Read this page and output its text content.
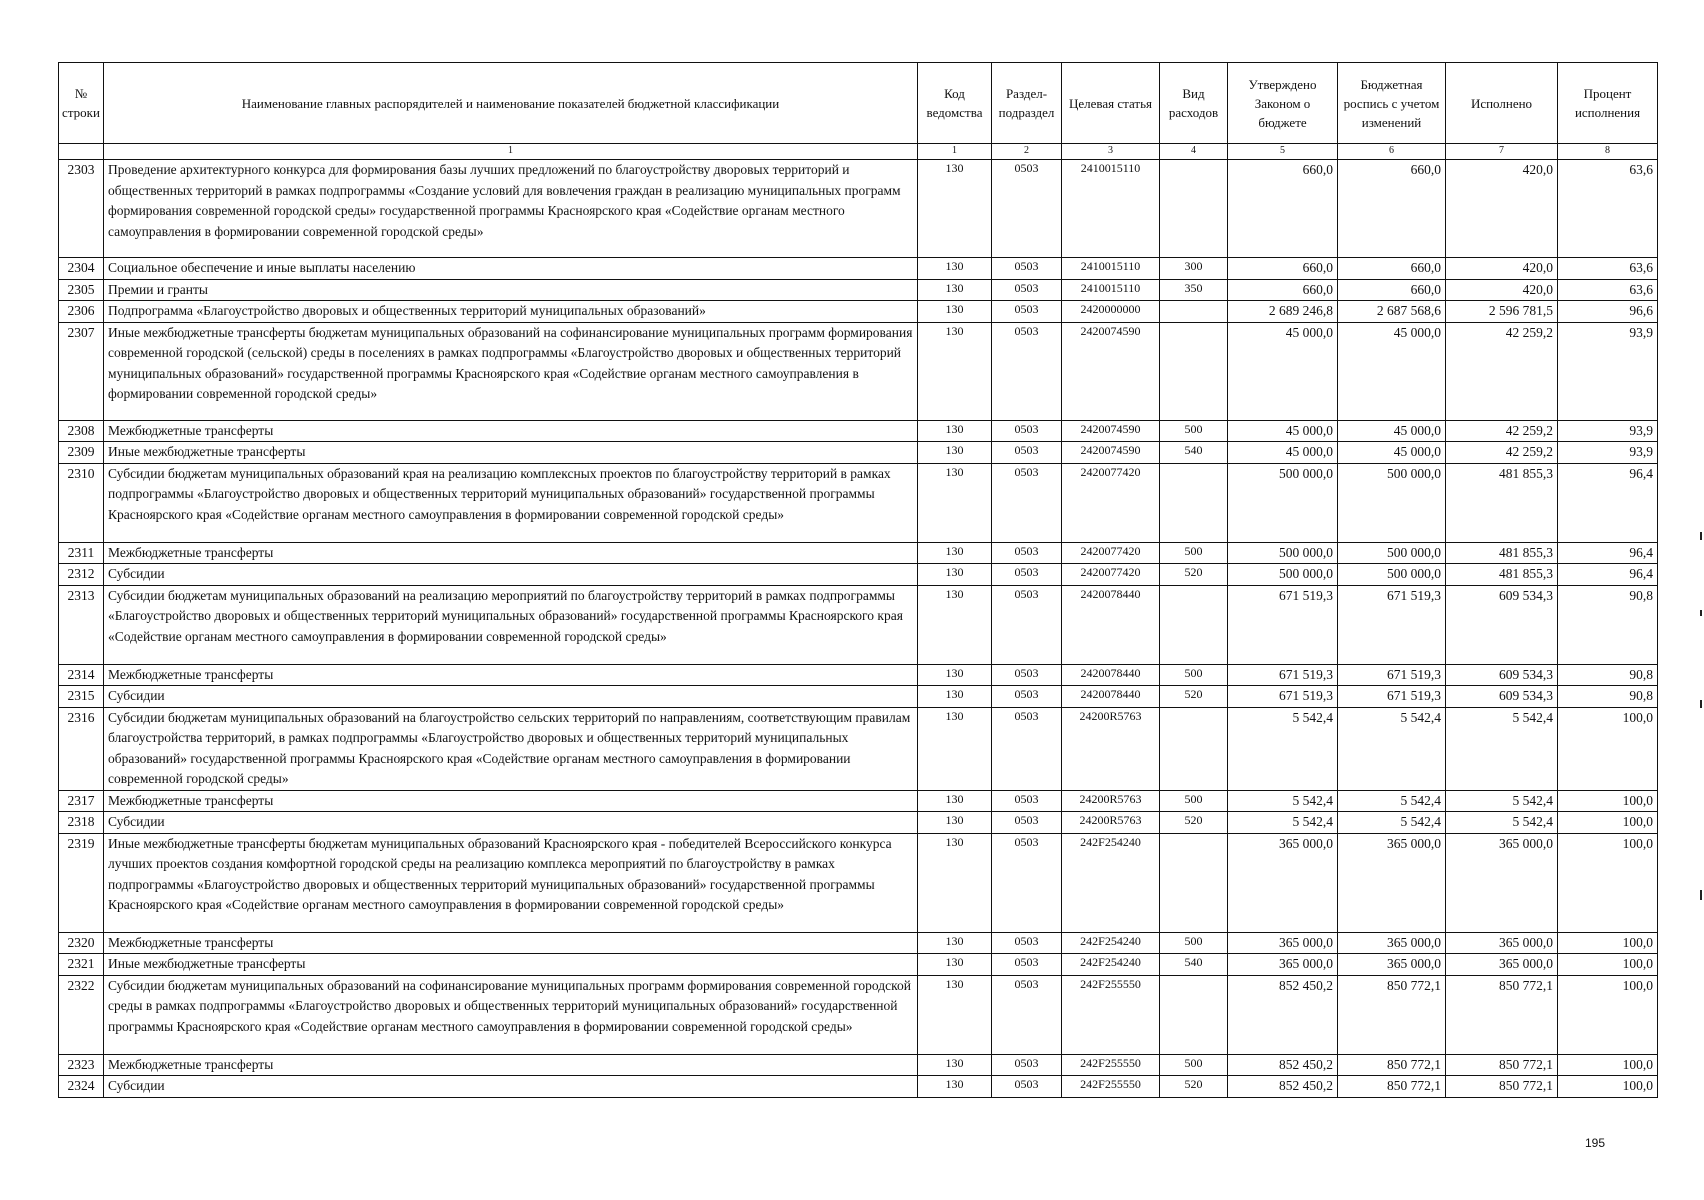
№ строки	Наименование главных распорядителей и наименование показателей бюджетной классификации	Код ведомства	Раздел-подраздел	Целевая статья	Вид расходов	Утверждено Законом о бюджете	Бюджетная роспись с учетом изменений	Исполнено	Процент исполнения
	1	1	2	3	4	5	6	7	8
2303	Проведение архитектурного конкурса для формирования базы лучших предложений по благоустройству дворовых территорий и общественных территорий в рамках подпрограммы «Создание условий для вовлечения граждан в реализацию муниципальных программ формирования современной городской среды» государственной программы Красноярского края «Содействие органам местного самоуправления в формировании современной городской среды»	130	0503	2410015110		660,0	660,0	420,0	63,6
2304	Социальное обеспечение и иные выплаты населению	130	0503	2410015110	300	660,0	660,0	420,0	63,6
2305	Премии и гранты	130	0503	2410015110	350	660,0	660,0	420,0	63,6
2306	Подпрограмма «Благоустройство дворовых и общественных территорий муниципальных образований»	130	0503	2420000000		2 689 246,8	2 687 568,6	2 596 781,5	96,6
2307	Иные межбюджетные трансферты бюджетам муниципальных образований на софинансирование муниципальных программ формирования современной городской (сельской) среды в поселениях в рамках подпрограммы «Благоустройство дворовых и общественных территорий муниципальных образований» государственной программы Красноярского края «Содействие органам местного самоуправления в формировании современной городской среды»	130	0503	2420074590		45 000,0	45 000,0	42 259,2	93,9
2308	Межбюджетные трансферты	130	0503	2420074590	500	45 000,0	45 000,0	42 259,2	93,9
2309	Иные межбюджетные трансферты	130	0503	2420074590	540	45 000,0	45 000,0	42 259,2	93,9
2310	Субсидии бюджетам муниципальных образований края на реализацию комплексных проектов по благоустройству территорий в рамках подпрограммы «Благоустройство дворовых и общественных территорий муниципальных образований» государственной программы Красноярского края «Содействие органам местного самоуправления в формировании современной городской среды»	130	0503	2420077420		500 000,0	500 000,0	481 855,3	96,4
2311	Межбюджетные трансферты	130	0503	2420077420	500	500 000,0	500 000,0	481 855,3	96,4
2312	Субсидии	130	0503	2420077420	520	500 000,0	500 000,0	481 855,3	96,4
2313	Субсидии бюджетам муниципальных образований на реализацию мероприятий по благоустройству территорий в рамках подпрограммы «Благоустройство дворовых и общественных территорий муниципальных образований» государственной программы Красноярского края «Содействие органам местного самоуправления в формировании современной городской среды»	130	0503	2420078440		671 519,3	671 519,3	609 534,3	90,8
2314	Межбюджетные трансферты	130	0503	2420078440	500	671 519,3	671 519,3	609 534,3	90,8
2315	Субсидии	130	0503	2420078440	520	671 519,3	671 519,3	609 534,3	90,8
2316	Субсидии бюджетам муниципальных образований на благоустройство сельских территорий по направлениям, соответствующим правилам благоустройства территорий, в рамках подпрограммы «Благоустройство дворовых и общественных территорий муниципальных образований» государственной программы Красноярского края «Содействие органам местного самоуправления в формировании современной городской среды»	130	0503	24200R5763		5 542,4	5 542,4	5 542,4	100,0
2317	Межбюджетные трансферты	130	0503	24200R5763	500	5 542,4	5 542,4	5 542,4	100,0
2318	Субсидии	130	0503	24200R5763	520	5 542,4	5 542,4	5 542,4	100,0
2319	Иные межбюджетные трансферты бюджетам муниципальных образований Красноярского края - победителей Всероссийского конкурса лучших проектов создания комфортной городской среды на реализацию комплекса мероприятий по благоустройству в рамках подпрограммы «Благоустройство дворовых и общественных территорий муниципальных образований» государственной программы Красноярского края «Содействие органам местного самоуправления в формировании современной городской среды»	130	0503	242F254240		365 000,0	365 000,0	365 000,0	100,0
2320	Межбюджетные трансферты	130	0503	242F254240	500	365 000,0	365 000,0	365 000,0	100,0
2321	Иные межбюджетные трансферты	130	0503	242F254240	540	365 000,0	365 000,0	365 000,0	100,0
2322	Субсидии бюджетам муниципальных образований на софинансирование муниципальных программ формирования современной городской среды в рамках подпрограммы «Благоустройство дворовых и общественных территорий муниципальных образований» государственной программы Красноярского края «Содействие органам местного самоуправления в формировании современной городской среды»	130	0503	242F255550		852 450,2	850 772,1	850 772,1	100,0
2323	Межбюджетные трансферты	130	0503	242F255550	500	852 450,2	850 772,1	850 772,1	100,0
2324	Субсидии	130	0503	242F255550	520	852 450,2	850 772,1	850 772,1	100,0
195
